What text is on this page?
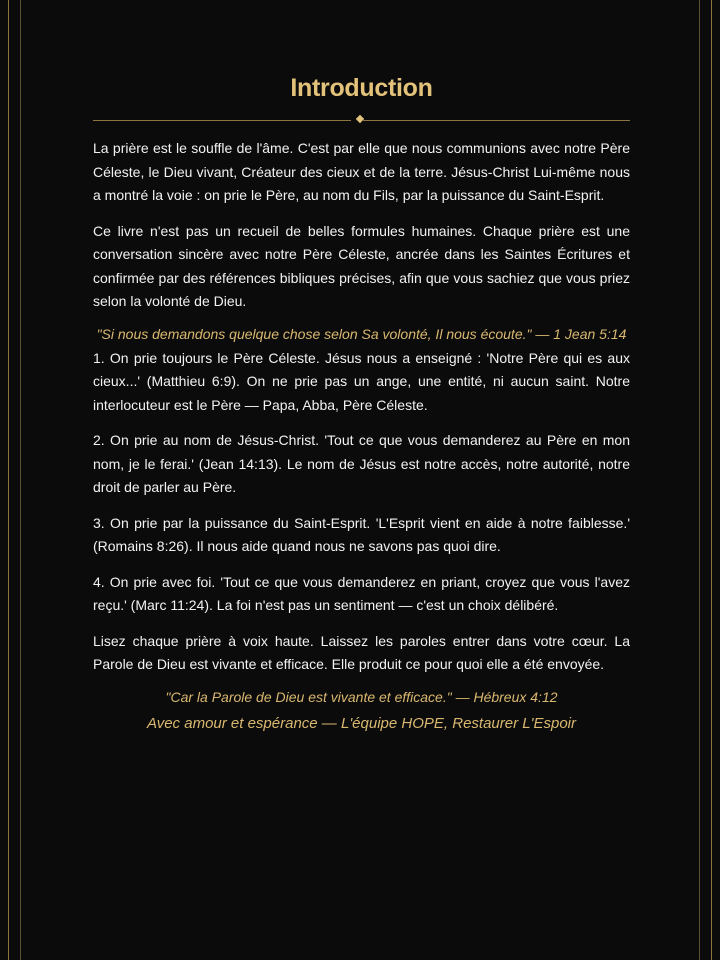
Introduction

La prière est le souffle de l'âme. C'est par elle que nous communions avec notre Père Céleste, le Dieu vivant, Créateur des cieux et de la terre. Jésus-Christ Lui-même nous a montré la voie : on prie le Père, au nom du Fils, par la puissance du Saint-Esprit.

Ce livre n'est pas un recueil de belles formules humaines. Chaque prière est une conversation sincère avec notre Père Céleste, ancrée dans les Saintes Écritures et confirmée par des références bibliques précises, afin que vous sachiez que vous priez selon la volonté de Dieu.

"Si nous demandons quelque chose selon Sa volonté, Il nous écoute." — 1 Jean 5:14

1. On prie toujours le Père Céleste. Jésus nous a enseigné : 'Notre Père qui es aux cieux...' (Matthieu 6:9). On ne prie pas un ange, une entité, ni aucun saint. Notre interlocuteur est le Père — Papa, Abba, Père Céleste.

2. On prie au nom de Jésus-Christ. 'Tout ce que vous demanderez au Père en mon nom, je le ferai.' (Jean 14:13). Le nom de Jésus est notre accès, notre autorité, notre droit de parler au Père.

3. On prie par la puissance du Saint-Esprit. 'L'Esprit vient en aide à notre faiblesse.' (Romains 8:26). Il nous aide quand nous ne savons pas quoi dire.

4. On prie avec foi. 'Tout ce que vous demanderez en priant, croyez que vous l'avez reçu.' (Marc 11:24). La foi n'est pas un sentiment — c'est un choix délibéré.

Lisez chaque prière à voix haute. Laissez les paroles entrer dans votre cœur. La Parole de Dieu est vivante et efficace. Elle produit ce pour quoi elle a été envoyée.

"Car la Parole de Dieu est vivante et efficace." — Hébreux 4:12

Avec amour et espérance — L'équipe HOPE, Restaurer L'Espoir
